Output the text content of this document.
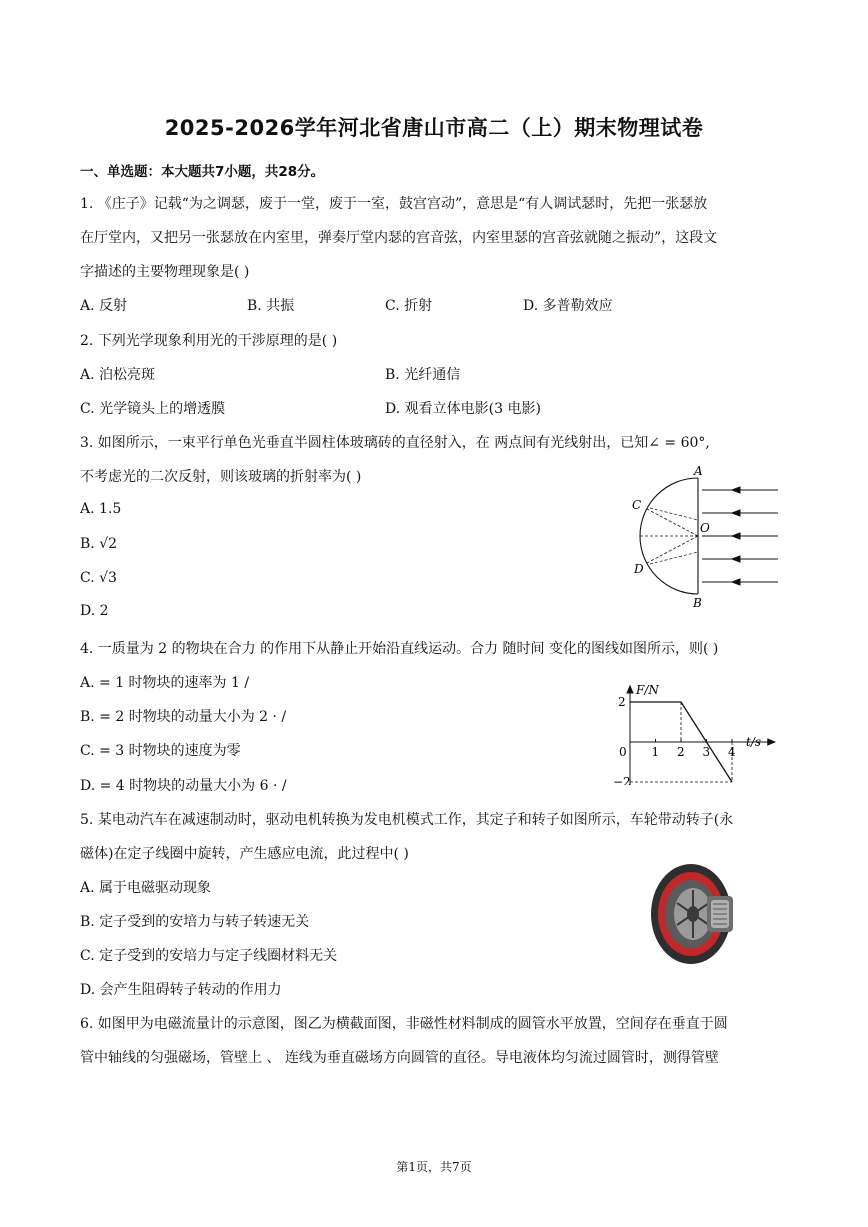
2025-2026学年河北省唐山市高二（上）期末物理试卷
一、单选题：本大题共7小题，共28分。
1. 《庄子》记载“为之调瑟，废于一堂，废于一室，鼓宫宫动”，意思是“有人调试瑟时，先把一张瑟放
在厅堂内，又把另一张瑟放在内室里，弹奏厅堂内瑟的宫音弦，内室里瑟的宫音弦就随之振动”，这段文
字描述的主要物理现象是( )
A. 反射	B. 共振	C. 折射	D. 多普勒效应
2. 下列光学现象利用光的干涉原理的是( )
A. 泊松亮斑	B. 光纤通信
C. 光学镜头上的增透膜	D. 观看立体电影(3 电影)
3. 如图所示，一束平行单色光垂直半圆柱体玻璃砖的直径射入，在 两点间有光线射出，已知∠ = 60°,
不考虑光的二次反射，则该玻璃的折射率为( )
A. 1.5
B. √2
C. √3
D. 2
A
B
C
D
O
4. 一质量为 2 的物块在合力 的作用下从静止开始沿直线运动。合力 随时间 变化的图线如图所示，则( )
A. = 1 时物块的速率为 1 /
B. = 2 时物块的动量大小为 2 · /
C. = 3 时物块的速度为零
D. = 4 时物块的动量大小为 6 · /
0 1 2 3 4
2
−2
t/s
F/N
5. 某电动汽车在减速制动时，驱动电机转换为发电机模式工作，其定子和转子如图所示，车轮带动转子(永
磁体)在定子线圈中旋转，产生感应电流，此过程中( )
A. 属于电磁驱动现象
B. 定子受到的安培力与转子转速无关
C. 定子受到的安培力与定子线圈材料无关
D. 会产生阻碍转子转动的作用力
6. 如图甲为电磁流量计的示意图，图乙为横截面图，非磁性材料制成的圆管水平放置，空间存在垂直于圆
管中轴线的匀强磁场，管壁上 、 连线为垂直磁场方向圆管的直径。导电液体均匀流过圆管时，测得管壁
第1页，共7页
